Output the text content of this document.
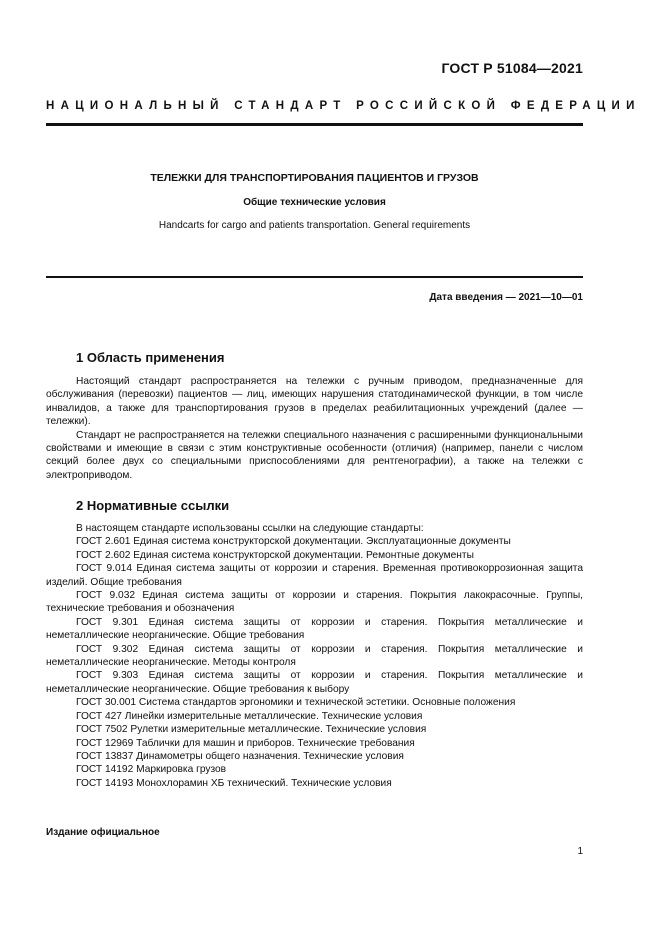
ГОСТ Р 51084—2021
НАЦИОНАЛЬНЫЙ СТАНДАРТ РОССИЙСКОЙ ФЕДЕРАЦИИ
ТЕЛЕЖКИ ДЛЯ ТРАНСПОРТИРОВАНИЯ ПАЦИЕНТОВ И ГРУЗОВ
Общие технические условия
Handcarts for cargo and patients transportation. General requirements
Дата введения — 2021—10—01
1 Область применения

Настоящий стандарт распространяется на тележки с ручным приводом, предназначенные для обслуживания (перевозки) пациентов — лиц, имеющих нарушения статодинамической функции, в том числе инвалидов, а также для транспортирования грузов в пределах реабилитационных учреждений (далее — тележки).

Стандарт не распространяется на тележки специального назначения с расширенными функциональными свойствами и имеющие в связи с этим конструктивные особенности (отличия) (например, панели с числом секций более двух со специальными приспособлениями для рентгенографии), а также на тележки с электроприводом.

2 Нормативные ссылки

В настоящем стандарте использованы ссылки на следующие стандарты:

ГОСТ 2.601 Единая система конструкторской документации. Эксплуатационные документы

ГОСТ 2.602 Единая система конструкторской документации. Ремонтные документы

ГОСТ 9.014 Единая система защиты от коррозии и старения. Временная противокоррозионная защита изделий. Общие требования

ГОСТ 9.032 Единая система защиты от коррозии и старения. Покрытия лакокрасочные. Группы, технические требования и обозначения

ГОСТ 9.301 Единая система защиты от коррозии и старения. Покрытия металлические и неметаллические неорганические. Общие требования

ГОСТ 9.302 Единая система защиты от коррозии и старения. Покрытия металлические и неметаллические неорганические. Методы контроля

ГОСТ 9.303 Единая система защиты от коррозии и старения. Покрытия металлические и неметаллические неорганические. Общие требования к выбору

ГОСТ 30.001 Система стандартов эргономики и технической эстетики. Основные положения

ГОСТ 427 Линейки измерительные металлические. Технические условия

ГОСТ 7502 Рулетки измерительные металлические. Технические условия

ГОСТ 12969 Таблички для машин и приборов. Технические требования

ГОСТ 13837 Динамометры общего назначения. Технические условия

ГОСТ 14192 Маркировка грузов

ГОСТ 14193 Монохлорамин ХБ технический. Технические условия

Издание официальное
1
